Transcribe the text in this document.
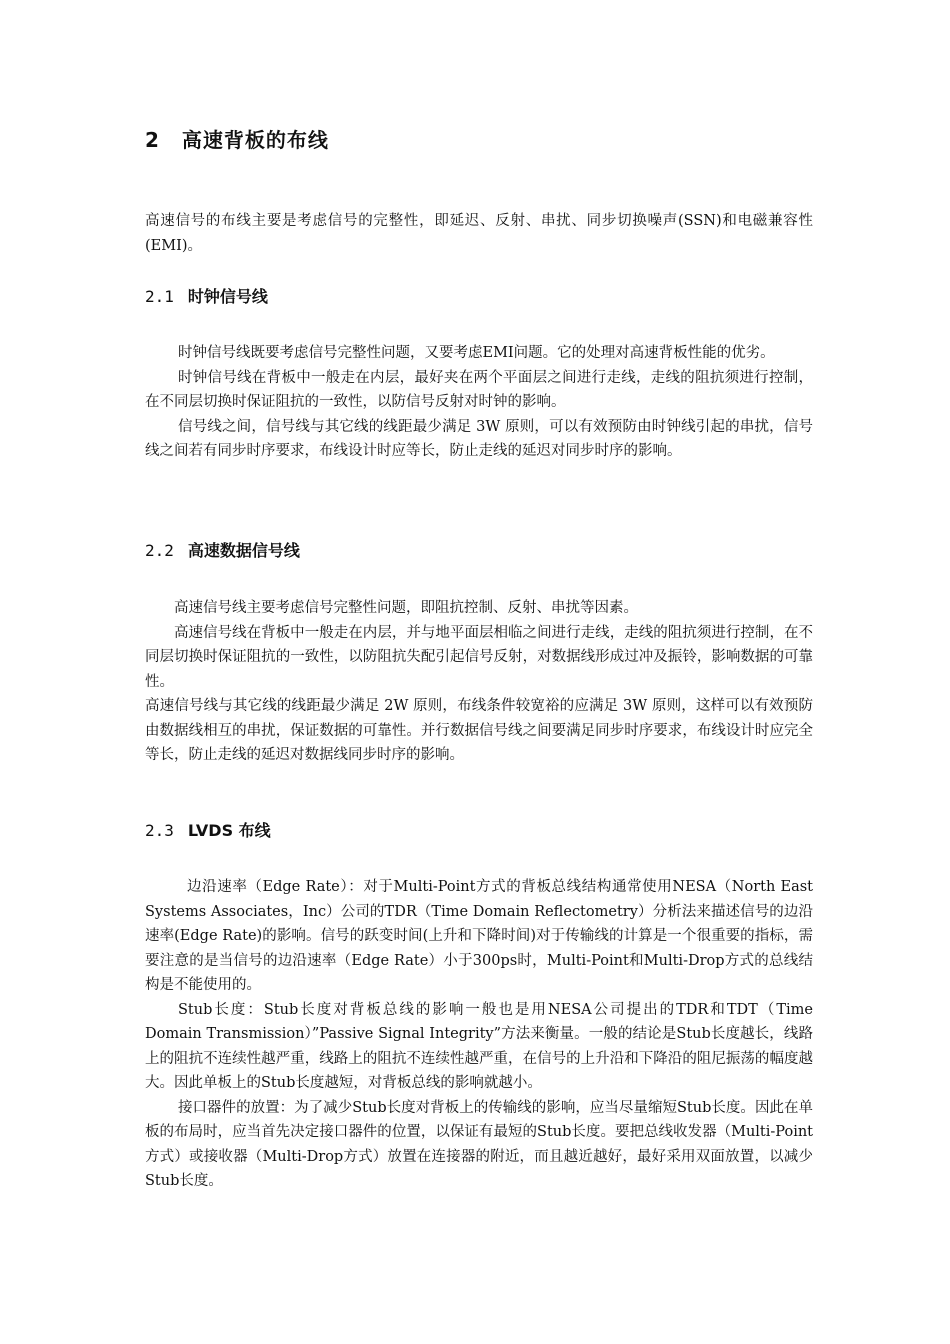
2 高速背板的布线

高速信号的布线主要是考虑信号的完整性，即延迟、反射、串扰、同步切换噪声(SSN)和电磁兼容性(EMI)。

2.1 时钟信号线

时钟信号线既要考虑信号完整性问题，又要考虑EMI问题。它的处理对高速背板性能的优劣。

时钟信号线在背板中一般走在内层，最好夹在两个平面层之间进行走线，走线的阻抗须进行控制，在不同层切换时保证阻抗的一致性，以防信号反射对时钟的影响。

信号线之间，信号线与其它线的线距最少满足 3W 原则，可以有效预防由时钟线引起的串扰，信号线之间若有同步时序要求，布线设计时应等长，防止走线的延迟对同步时序的影响。

2.2 高速数据信号线

高速信号线主要考虑信号完整性问题，即阻抗控制、反射、串扰等因素。

高速信号线在背板中一般走在内层，并与地平面层相临之间进行走线，走线的阻抗须进行控制，在不同层切换时保证阻抗的一致性，以防阻抗失配引起信号反射，对数据线形成过冲及振铃，影响数据的可靠性。

高速信号线与其它线的线距最少满足 2W 原则，布线条件较宽裕的应满足 3W 原则，这样可以有效预防由数据线相互的串扰，保证数据的可靠性。并行数据信号线之间要满足同步时序要求，布线设计时应完全等长，防止走线的延迟对数据线同步时序的影响。

2.3 LVDS 布线

边沿速率（Edge Rate）：对于Multi-Point方式的背板总线结构通常使用NESA（North East Systems Associates，Inc）公司的TDR（Time Domain Reflectometry）分析法来描述信号的边沿速率(Edge Rate)的影响。信号的跃变时间(上升和下降时间)对于传输线的计算是一个很重要的指标，需要注意的是当信号的边沿速率（Edge Rate）小于300ps时，Multi-Point和Multi-Drop方式的总线结构是不能使用的。

Stub长度：Stub长度对背板总线的影响一般也是用NESA公司提出的TDR和TDT（Time Domain Transmission）”Passive Signal Integrity”方法来衡量。一般的结论是Stub长度越长，线路上的阻抗不连续性越严重，线路上的阻抗不连续性越严重，在信号的上升沿和下降沿的阻尼振荡的幅度越大。因此单板上的Stub长度越短，对背板总线的影响就越小。

接口器件的放置：为了减少Stub长度对背板上的传输线的影响，应当尽量缩短Stub长度。因此在单板的布局时，应当首先决定接口器件的位置，以保证有最短的Stub长度。要把总线收发器（Multi-Point方式）或接收器（Multi-Drop方式）放置在连接器的附近，而且越近越好，最好采用双面放置，以减少Stub长度。
